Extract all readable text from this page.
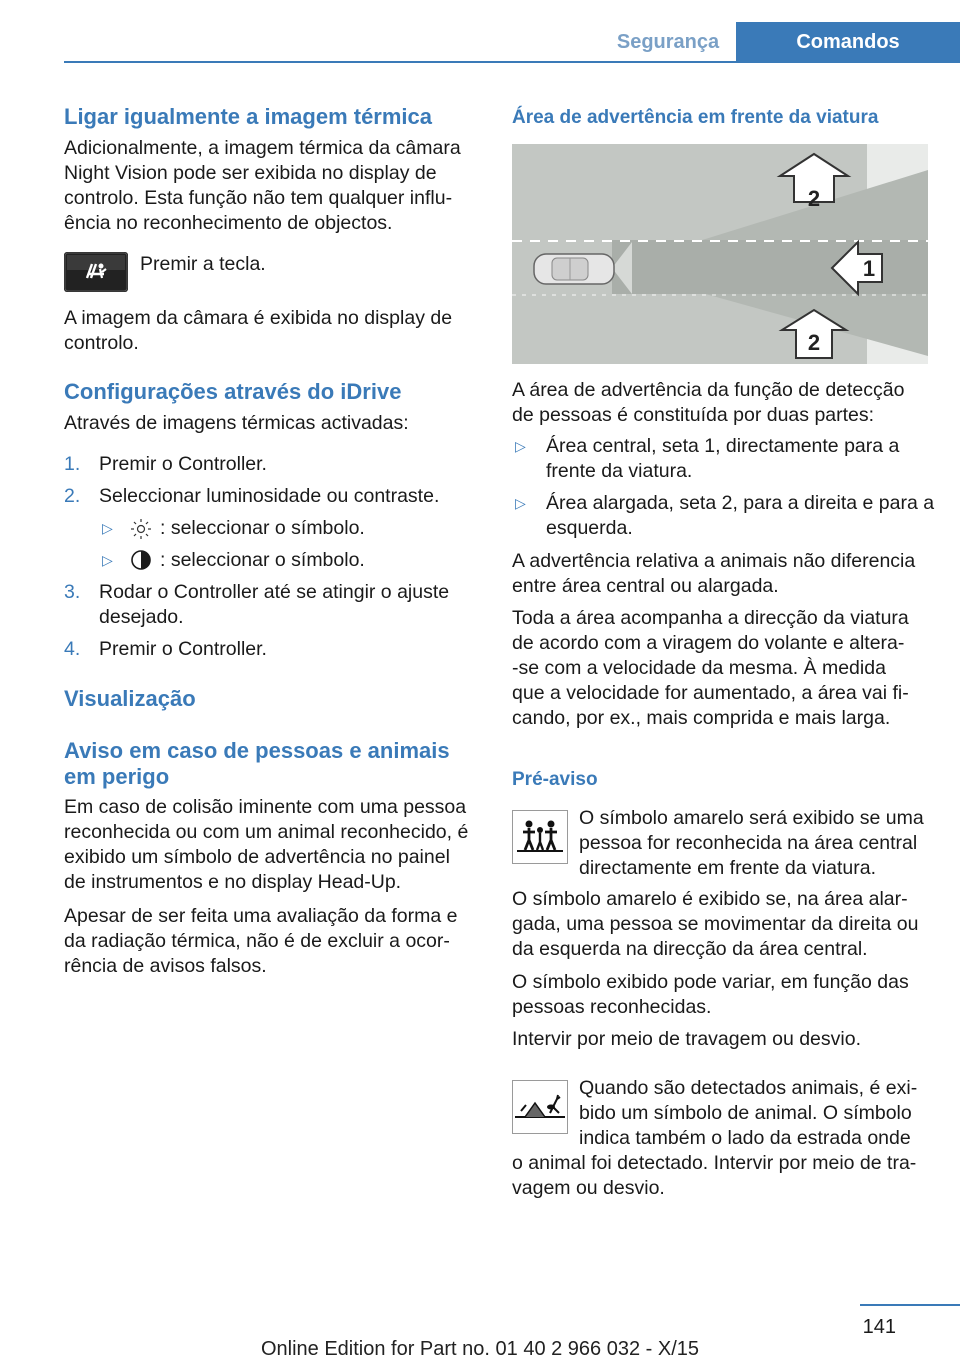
Segurança	Comandos
Ligar igualmente a imagem térmica
Adicionalmente, a imagem térmica da câmara
Night Vision pode ser exibida no display de
controlo. Esta função não tem qualquer influ‐
ência no reconhecimento de objectos.
Premir a tecla.
A imagem da câmara é exibida no display de
controlo.
Configurações através do iDrive
Através de imagens térmicas activadas:
1. Premir o Controller.
2. Seleccionar luminosidade ou contraste.
▷ : seleccionar o símbolo.
▷ : seleccionar o símbolo.
3. Rodar o Controller até se atingir o ajuste
desejado.
4. Premir o Controller.
Visualização
Aviso em caso de pessoas e animais
em perigo
Em caso de colisão iminente com uma pessoa
reconhecida ou com um animal reconhecido, é
exibido um símbolo de advertência no painel
de instrumentos e no display Head-Up.
Apesar de ser feita uma avaliação da forma e
da radiação térmica, não é de excluir a ocor‐
rência de avisos falsos.
Área de advertência em frente da viatura
2
1
2
A área de advertência da função de detecção
de pessoas é constituída por duas partes:
▷ Área central, seta 1, directamente para a
frente da viatura.
▷ Área alargada, seta 2, para a direita e para a
esquerda.
A advertência relativa a animais não diferencia
entre área central ou alargada.
Toda a área acompanha a direcção da viatura
de acordo com a viragem do volante e altera‐
-se com a velocidade da mesma. À medida
que a velocidade for aumentado, a área vai fi‐
cando, por ex., mais comprida e mais larga.
Pré-aviso
O símbolo amarelo será exibido se uma
pessoa for reconhecida na área central
directamente em frente da viatura.
O símbolo amarelo é exibido se, na área alar‐
gada, uma pessoa se movimentar da direita ou
da esquerda na direcção da área central.
O símbolo exibido pode variar, em função das
pessoas reconhecidas.
Intervir por meio de travagem ou desvio.
Quando são detectados animais, é exi‐
bido um símbolo de animal. O símbolo
indica também o lado da estrada onde
o animal foi detectado. Intervir por meio de tra‐
vagem ou desvio.
141
Online Edition for Part no. 01 40 2 966 032 - X/15
